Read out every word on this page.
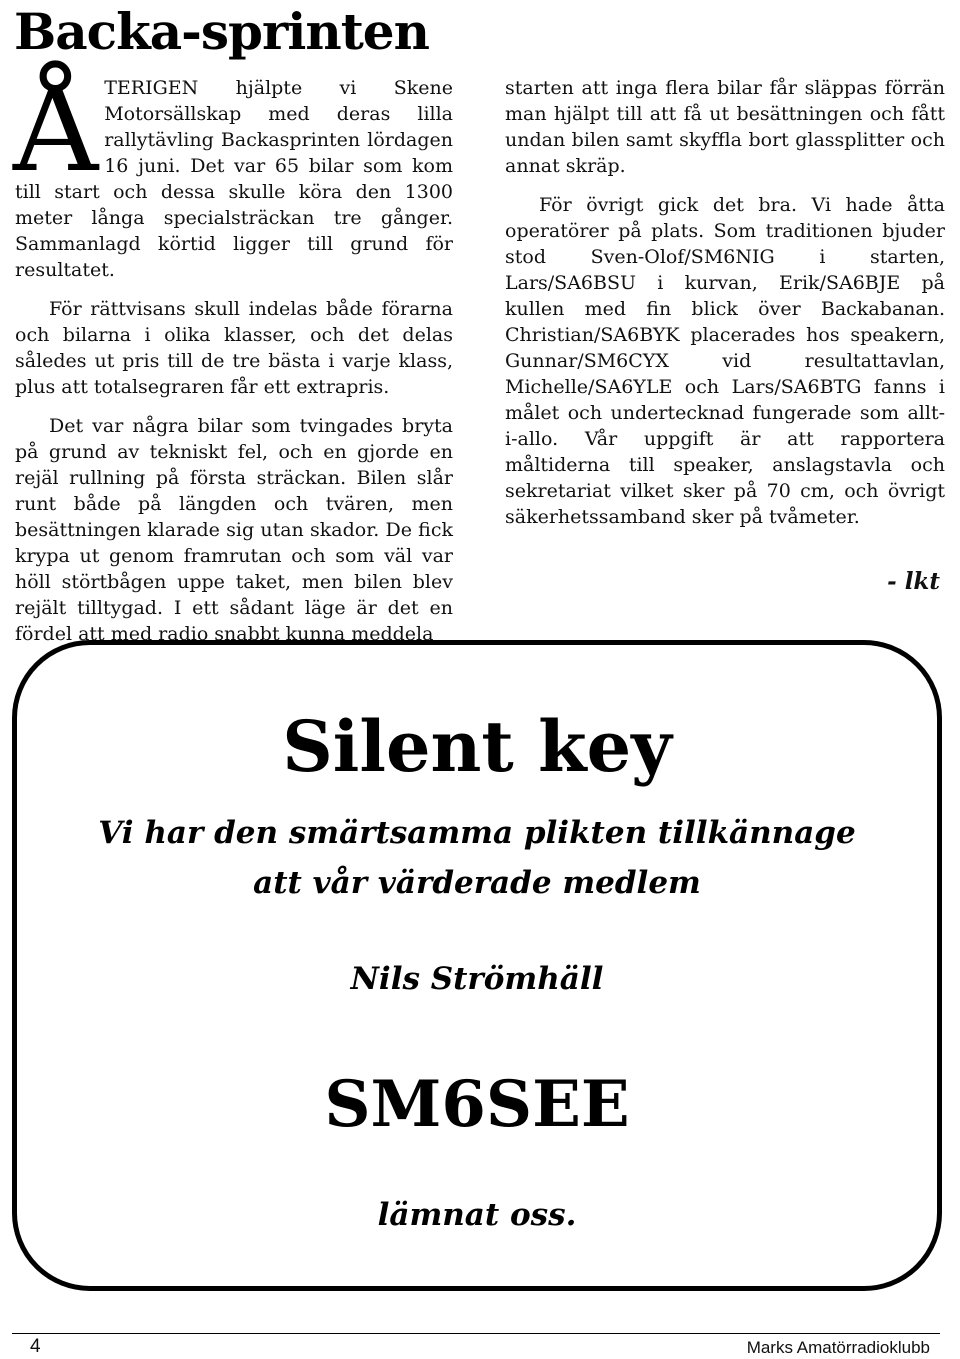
Backa-sprinten

ÅTERIGEN hjälpte vi Skene Motorsällskap med deras lilla rallytävling Backasprinten lördagen 16 juni. Det var 65 bilar som kom till start och dessa skulle köra den 1300 meter långa specialsträckan tre gånger. Sammanlagd körtid ligger till grund för resultatet.

För rättvisans skull indelas både förarna och bilarna i olika klasser, och det delas således ut pris till de tre bästa i varje klass, plus att totalsegraren får ett extrapris.

Det var några bilar som tvingades bryta på grund av tekniskt fel, och en gjorde en rejäl rullning på första sträckan. Bilen slår runt både på längden och tvären, men besättningen klarade sig utan skador. De fick krypa ut genom framrutan och som väl var höll störtbågen uppe taket, men bilen blev rejält tilltygad. I ett sådant läge är det en fördel att med radio snabbt kunna meddela

starten att inga flera bilar får släppas förrän man hjälpt till att få ut besättningen och fått undan bilen samt skyffla bort glassplitter och annat skräp.

För övrigt gick det bra. Vi hade åtta operatörer på plats. Som traditionen bjuder stod Sven-Olof/SM6NIG i starten, Lars/SA6BSU i kurvan, Erik/SA6BJE på kullen med fin blick över Backabanan. Christian/SA6BYK placerades hos speakern, Gunnar/SM6CYX vid resultattavlan, Michelle/SA6YLE och Lars/SA6BTG fanns i målet och undertecknad fungerade som allt-i-allo. Vår uppgift är att rapportera måltiderna till speaker, anslagstavla och sekretariat vilket sker på 70 cm, och övrigt säkerhetssamband sker på tvåmeter.

- lkt

Silent key

Vi har den smärtsamma plikten tillkännage

att vår värderade medlem

Nils Strömhäll

SM6SEE

lämnat oss.

4	Marks Amatörradioklubb
